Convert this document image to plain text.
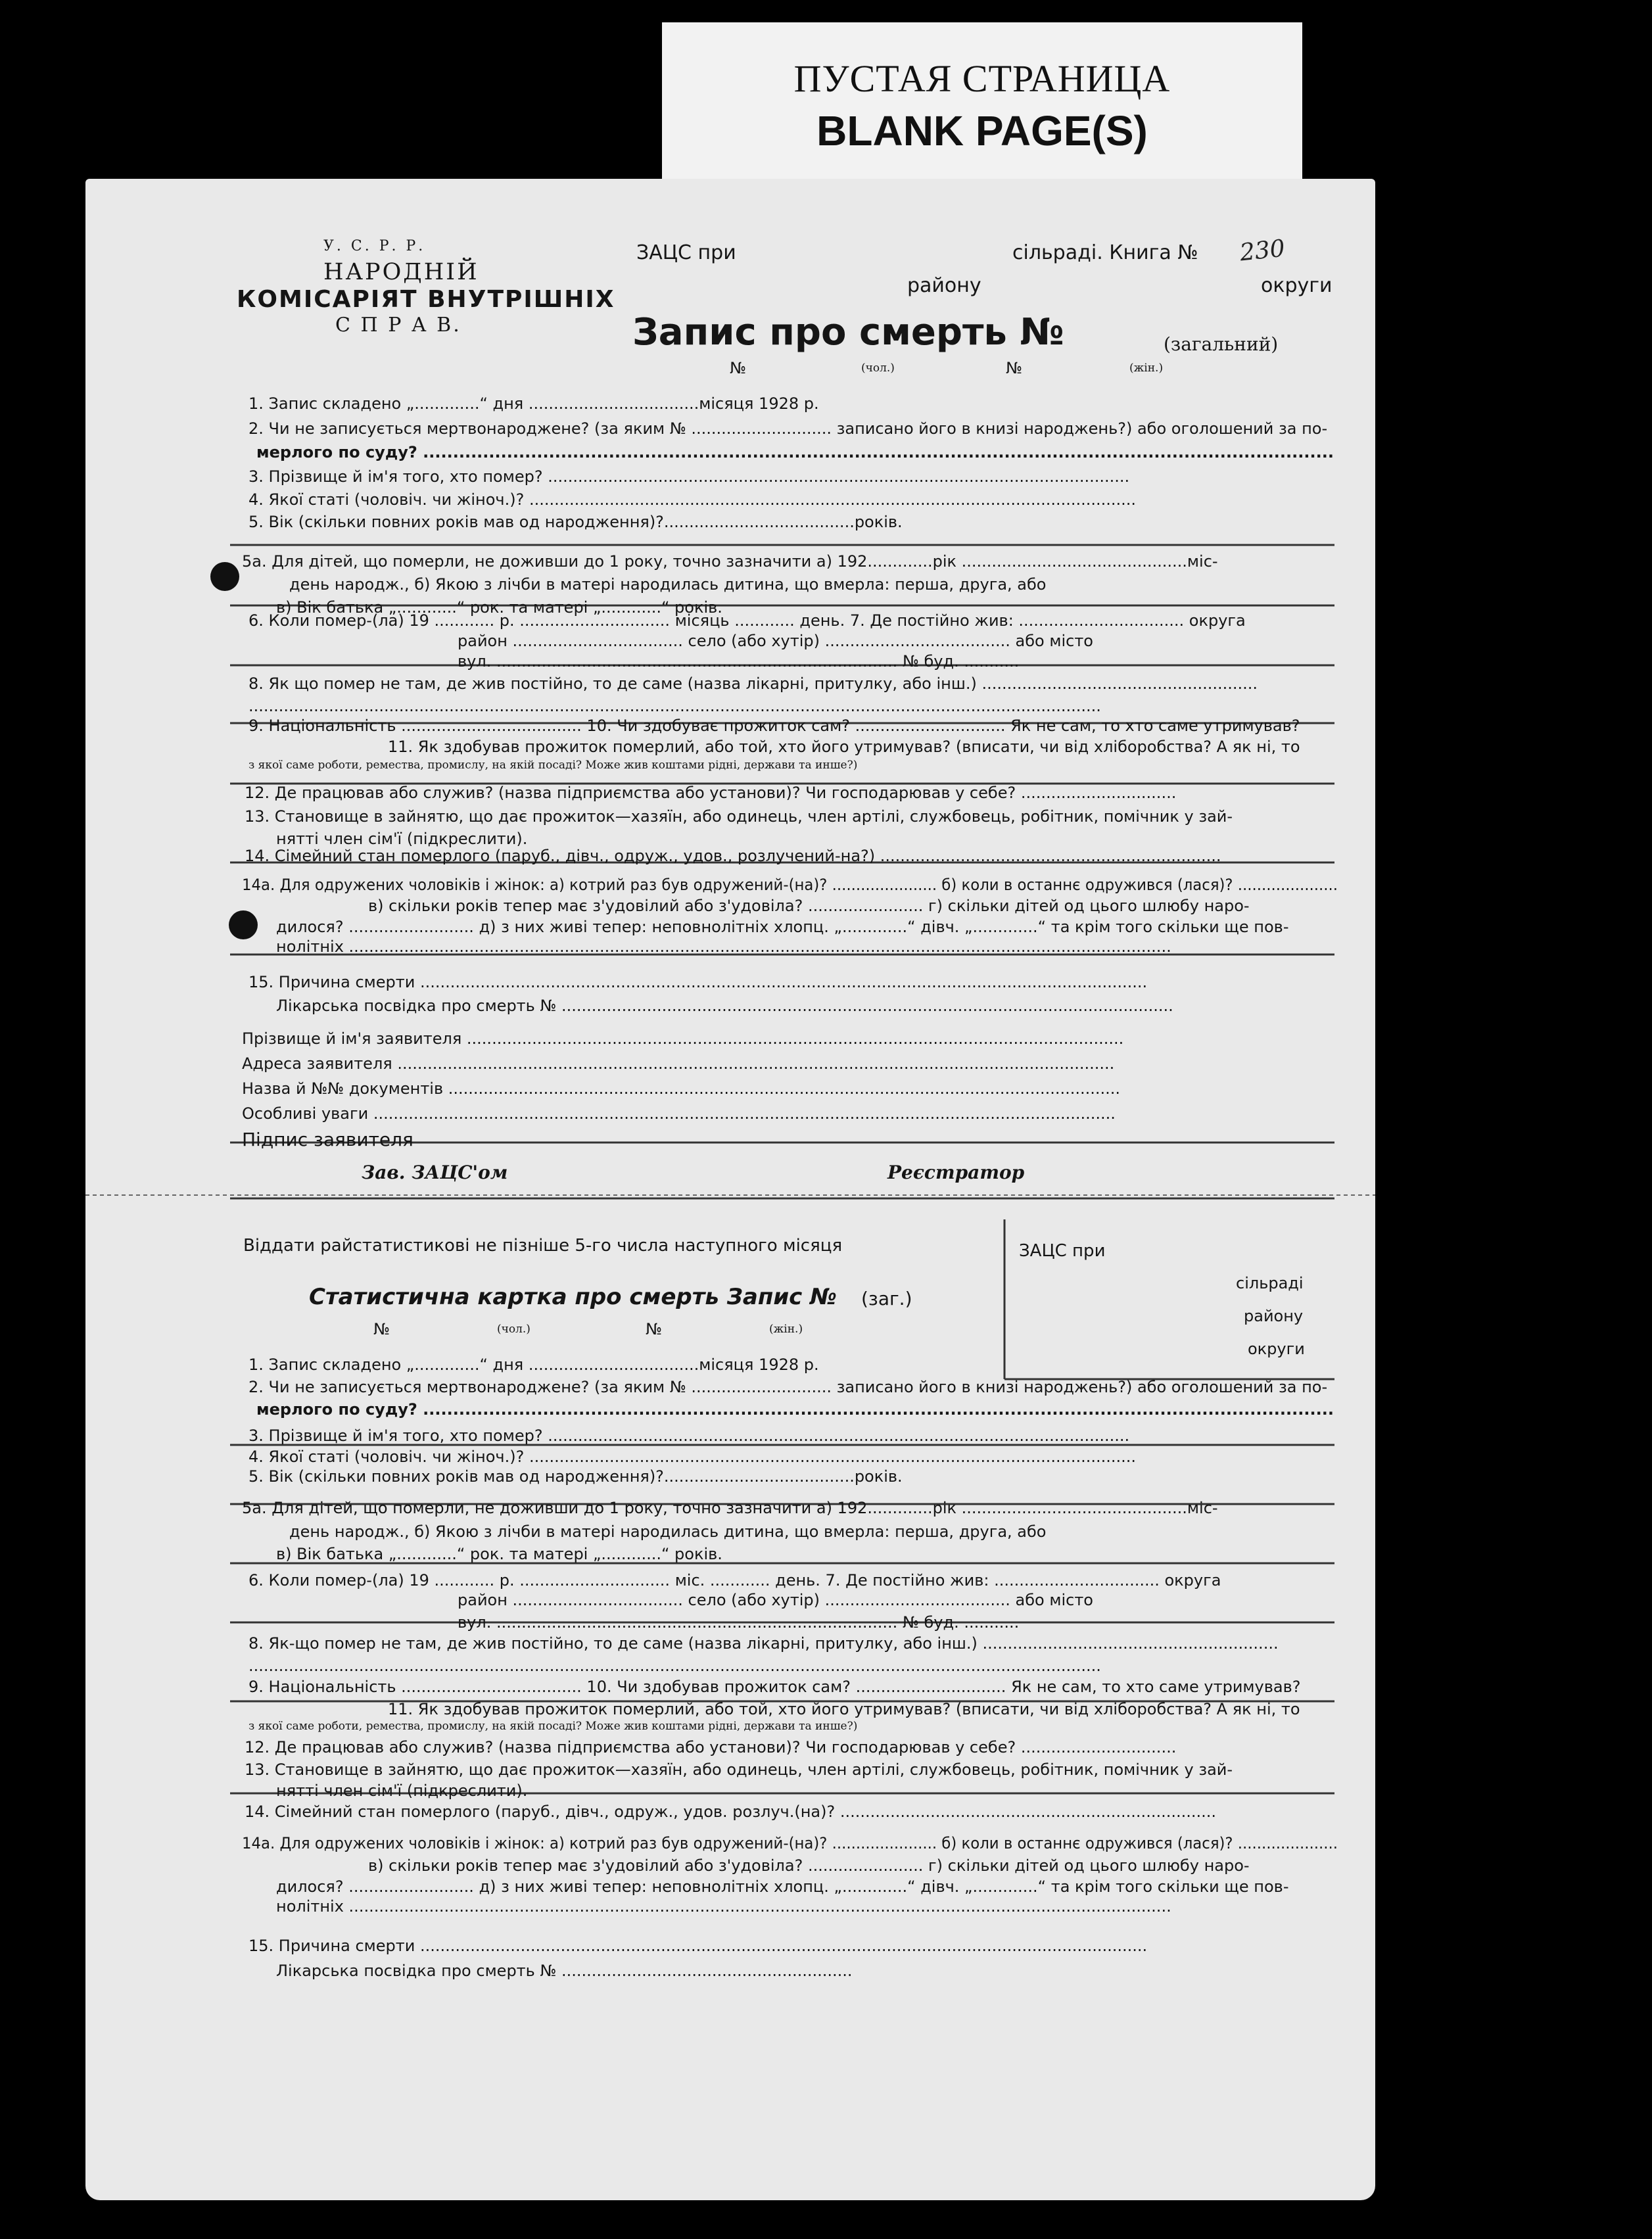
ПУСТАЯ СТРАНИЦА
BLANK PAGE(S)
У. С. Р. Р.
НАРОДНІЙ
КОМІСАРІЯТ ВНУТРІШНІХ
С П Р А В.
ЗАЦС при	сільраді. Книга № 230
району	округи
Запис про смерть №	(загальний)
№	(чол.)	№	(жін.)
1. Запис складено „.............“ дня ..................................місяця 1928 р.
2. Чи не записується мертвонароджене? (за яким № ............................ записано його в книзі народжень?) або оголошений за по-
мерлого по суду? ........................................................................................................................................................
3. Прізвище й ім'я того, хто помер? ....................................................................................................................
4. Якої статі (чоловіч. чи жіноч.)? .........................................................................................................................
5. Вік (скільки повних років мав од народження)?......................................років.
5а. Для дітей, що померли, не доживши до 1 року, точно зазначити а) 192.............рік .............................................міс-
день народж., б) Якою з лічби в матері народилась дитина, що вмерла: перша, друга, або
в) Вік батька „............“ рок. та матері „............“ років.
6. Коли помер-(ла) 19 ............ р. .............................. місяць ............ день. 7. Де постійно жив: ................................. округа
район .................................. село (або хутір) ..................................... або місто
вул. ................................................................................ № буд. ...........
8. Як що помер не там, де жив постійно, то де саме (назва лікарні, притулку, або інш.) .......................................................
..........................................................................................................................................................................
9. Національність .................................... 10. Чи здобуває прожиток сам? .............................. Як не сам, то хто саме утримував?
11. Як здобував прожиток померлий, або той, хто його утримував? (вписати, чи від хліборобства? А як ні, то
з якої саме роботи, ремества, промислу, на якій посаді? Може жив коштами рідні, держави та инше?)
12. Де працював або служив? (назва підприємства або установи)? Чи господарював у себе? ...............................
13. Становище в зайнятю, що дає прожиток—хазяїн, або одинець, член артілі, службовець, робітник, помічник у зай-
нятті член сім'ї (підкреслити).
14. Сімейний стан померлого (паруб., дівч., одруж., удов., розлучений-на?) ....................................................................
14а. Для одружених чоловіків і жінок: а) котрий раз був одружений-(на)? ...................... б) коли в останнє одружився (лася)? .....................
в) скільки років тепер має з'удовілий або з'удовіла? ....................... г) скільки дітей од цього шлюбу наро-
дилося? ......................... д) з них живі тепер: неповнолітніх хлопц. „.............“ дівч. „.............“ та крім того скільки ще пов-
нолітніх ....................................................................................................................................................................
15. Причина смерти .................................................................................................................................................
Лікарська посвідка про смерть № ..........................................................................................................................
Прізвище й ім'я заявителя ...................................................................................................................................
Адреса заявителя ...............................................................................................................................................
Назва й №№ документів ......................................................................................................................................
Особливі уваги ....................................................................................................................................................
Підпис заявителя
Зав. ЗАЦС'ом	Реєстратор
Віддати райстатистикові не пізніше 5-го числа наступного місяця	ЗАЦС при
сільраді
району
округи
Статистична картка про смерть Запис № (заг.)
№	(чол.)	№	(жін.)
1. Запис складено „.............“ дня ..................................місяця 1928 р.
2. Чи не записується мертвонароджене? (за яким № ............................ записано його в книзі народжень?) або оголошений за по-
мерлого по суду? ........................................................................................................................................................
3. Прізвище й ім'я того, хто помер? ....................................................................................................................
4. Якої статі (чоловіч. чи жіноч.)? .........................................................................................................................
5. Вік (скільки повних років мав од народження)?......................................років.
5а. Для дітей, що померли, не доживши до 1 року, точно зазначити а) 192.............рік .............................................міс-
день народж., б) Якою з лічби в матері народилась дитина, що вмерла: перша, друга, або
в) Вік батька „............“ рок. та матері „............“ років.
6. Коли помер-(ла) 19 ............ р. .............................. міс. ............ день. 7. Де постійно жив: ................................. округа
район .................................. село (або хутір) ..................................... або місто
вул. ................................................................................ № буд. ...........
8. Як-що помер не там, де жив постійно, то де саме (назва лікарні, притулку, або інш.) ...........................................................
..........................................................................................................................................................................
9. Національність .................................... 10. Чи здобував прожиток сам? .............................. Як не сам, то хто саме утримував?
11. Як здобував прожиток померлий, або той, хто його утримував? (вписати, чи від хліборобства? А як ні, то
з якої саме роботи, ремества, промислу, на якій посаді? Може жив коштами рідні, держави та инше?)
12. Де працював або служив? (назва підприємства або установи)? Чи господарював у себе? ...............................
13. Становище в зайнятю, що дає прожиток—хазяїн, або одинець, член артілі, службовець, робітник, помічник у зай-
нятті член сім'ї (підкреслити).
14. Сімейний стан померлого (паруб., дівч., одруж., удов. розлуч.(на)? ...........................................................................
14а. Для одружених чоловіків і жінок: а) котрий раз був одружений-(на)? ...................... б) коли в останнє одружився (лася)? .....................
в) скільки років тепер має з'удовілий або з'удовіла? ....................... г) скільки дітей од цього шлюбу наро-
дилося? ......................... д) з них живі тепер: неповнолітніх хлопц. „.............“ дівч. „.............“ та крім того скільки ще пов-
нолітніх ....................................................................................................................................................................
15. Причина смерти .................................................................................................................................................
Лікарська посвідка про смерть № ..........................................................
